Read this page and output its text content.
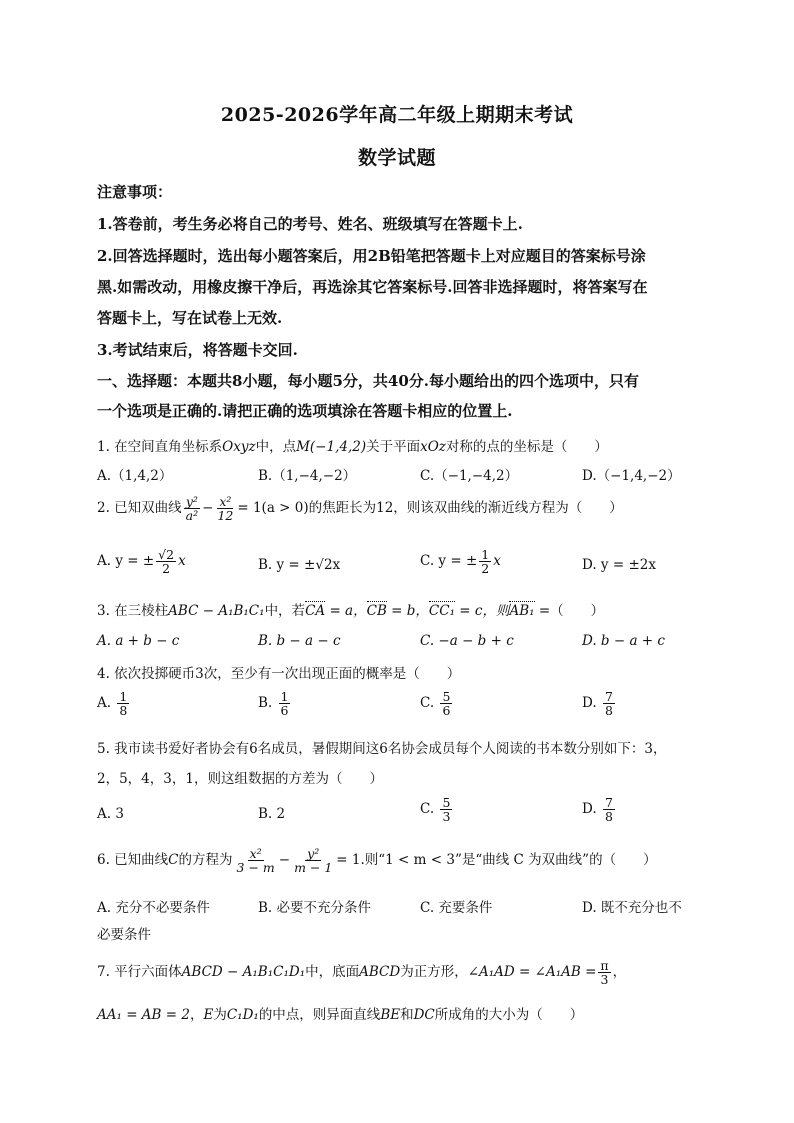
2025-2026学年高二年级上期期末考试
数学试题
注意事项：
1.答卷前，考生务必将自己的考号、姓名、班级填写在答题卡上.
2.回答选择题时，选出每小题答案后，用2B铅笔把答题卡上对应题目的答案标号涂
黑.如需改动，用橡皮擦干净后，再选涂其它答案标号.回答非选择题时，将答案写在
答题卡上，写在试卷上无效.
3.考试结束后，将答题卡交回.
一、选择题：本题共8小题，每小题5分，共40分.每小题给出的四个选项中，只有
一个选项是正确的.请把正确的选项填涂在答题卡相应的位置上.
1. 在空间直角坐标系Oxyz中，点M(−1,4,2)关于平面xOz对称的点的坐标是（　　）
A.（1,4,2）	B.（1,−4,−2）	C.（−1,−4,2）	D.（−1,4,−2）
2. 已知双曲线 $\frac{\text{y²}}{\text{a²}} - \frac{\text{x²}}{12} = 1(a > 0)$的焦距长为12，则该双曲线的渐近线方程为（　　）
A. y = ± $\frac{√2}{2}$ x	B. y = ±√2x	C. y = ± $\frac{1}{2}$ x	D. y = ±2x
3. 在三棱柱ABC − A₁B₁C₁中，若CA = a，CB = b，CC₁ = c，则AB₁ =（　　）
A. a + b − c	B. b − a − c	C. −a − b + c	D. b − a + c
4. 依次投掷硬币3次，至少有一次出现正面的概率是（　　）
A. $\frac{1}{8}$	B. $\frac{1}{6}$	C. $\frac{5}{6}$	D. $\frac{7}{8}$
5. 我市读书爱好者协会有6名成员，暑假期间这6名协会成员每个人阅读的书本数分别如下：3，
2，5，4，3，1，则这组数据的方差为（　　）
A. 3	B. 2	C. $\frac{5}{3}$	D. $\frac{7}{8}$
6. 已知曲线C的方程为 $\frac{\text{x²}}{3 - m} - \frac{\text{y²}}{m - 1} = 1$.则“1 < m < 3”是“曲线 C 为双曲线”的（　　）
A. 充分不必要条件	B. 必要不充分条件	C. 充要条件	D. 既不充分也不
必要条件
7. 平行六面体ABCD − A₁B₁C₁D₁中，底面ABCD为正方形，∠A₁AD = ∠A₁AB = $\frac{\pi}{3}$ ，
AA₁ = AB = 2，E为C₁D₁的中点，则异面直线BE和DC所成角的大小为（　　）
